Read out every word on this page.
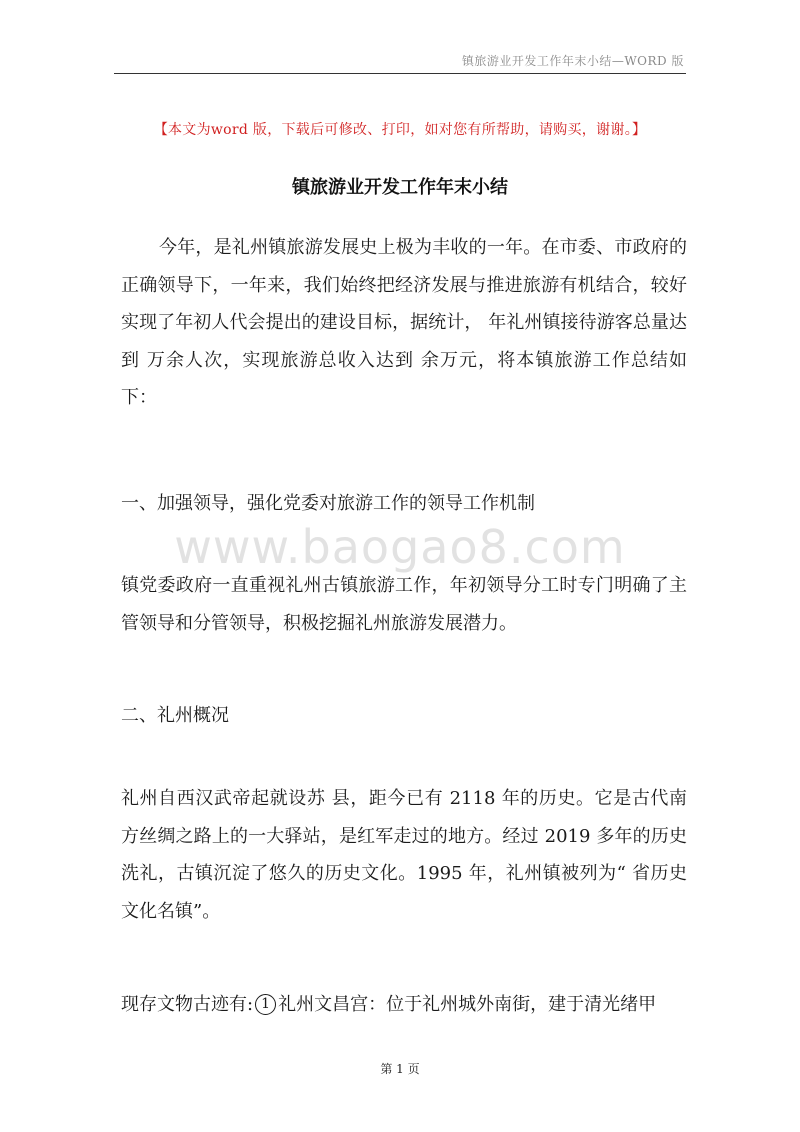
镇旅游业开发工作年末小结—WORD 版
【本文为word 版，下载后可修改、打印，如对您有所帮助，请购买，谢谢。】
镇旅游业开发工作年末小结

今年，是礼州镇旅游发展史上极为丰收的一年。在市委、市政府的正确领导下，一年来，我们始终把经济发展与推进旅游有机结合，较好实现了年初人代会提出的建设目标，据统计， 年礼州镇接待游客总量达到 万余人次，实现旅游总收入达到 余万元，将本镇旅游工作总结如下：

www.baogao8.com

一、加强领导，强化党委对旅游工作的领导工作机制

镇党委政府一直重视礼州古镇旅游工作，年初领导分工时专门明确了主管领导和分管领导，积极挖掘礼州旅游发展潜力。

二、礼州概况

礼州自西汉武帝起就设苏 县，距今已有 2118 年的历史。它是古代南方丝绸之路上的一大驿站，是红军走过的地方。经过 2019 多年的历史洗礼，古镇沉淀了悠久的历史文化。1995 年，礼州镇被列为“ 省历史文化名镇”。

现存文物古迹有: 1 礼州文昌宫：位于礼州城外南街，建于清光绪甲

第 1 页
